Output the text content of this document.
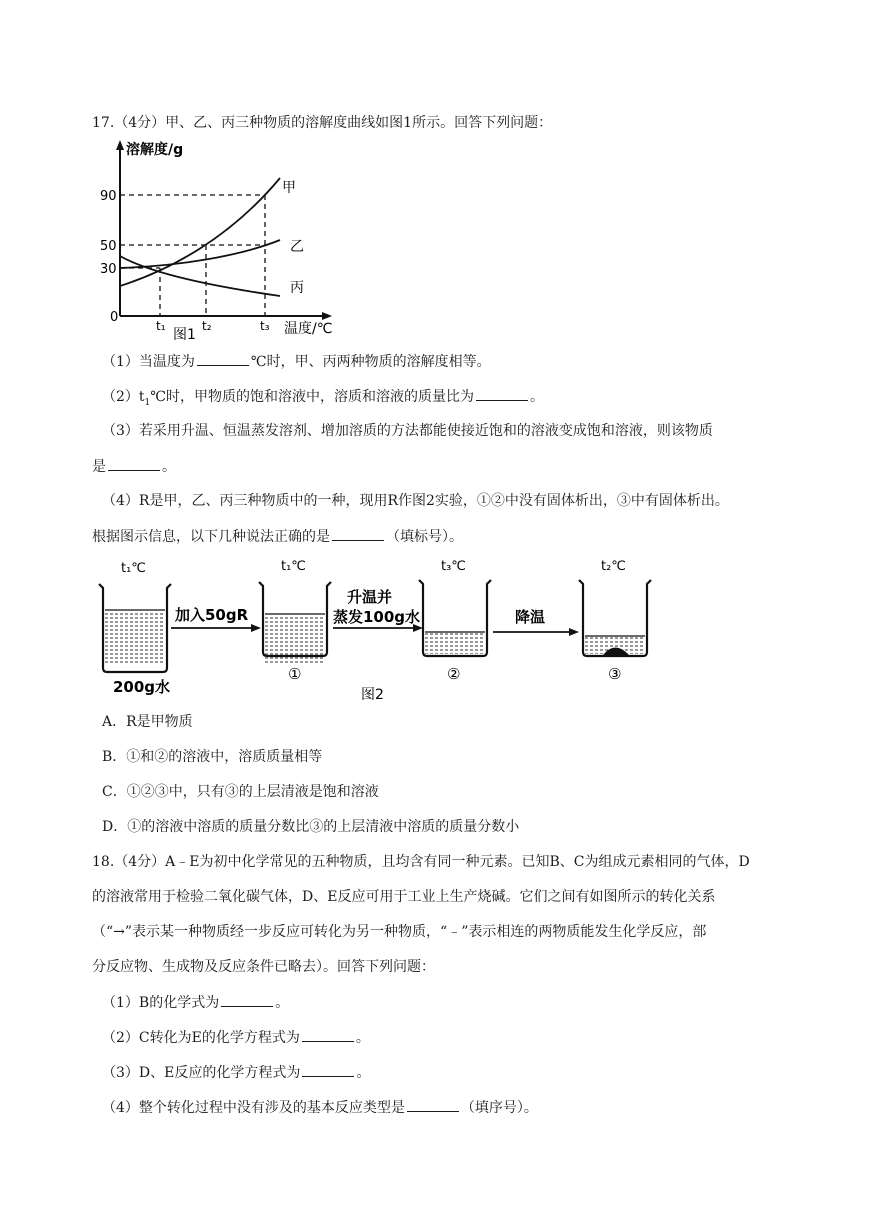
17.（4分）甲、乙、丙三种物质的溶解度曲线如图1所示。回答下列问题：
溶解度/g
90
50
30
0
t₁	t₂	t₃ 温度/℃
图1
甲
乙
丙
（1）当温度为	℃时，甲、丙两种物质的溶解度相等。
$(2)t_1℃$时，甲物质的饱和溶液中，溶质和溶液的质量比为	。
（3）若采用升温、恒温蒸发溶剂、增加溶质的方法都能使接近饱和的溶液变成饱和溶液，则该物质
是	。
（4）R是甲，乙、丙三种物质中的一种，现用R作图2实验，①②中没有固体析出，③中有固体析出。
根据图示信息，以下几种说法正确的是	（填标号）。
t₁℃	t₁℃	t₃℃	t₂℃
加入50gR
升温并
蒸发100g水	降温
200g水
①	②	③
图2
A．R是甲物质
B．①和②的溶液中，溶质质量相等
C．①②③中，只有③的上层清液是饱和溶液
D．①的溶液中溶质的质量分数比③的上层清液中溶质的质量分数小
18.（4分）A﹣E为初中化学常见的五种物质，且均含有同一种元素。已知B、C为组成元素相同的气体，D
的溶液常用于检验二氧化碳气体，D、E反应可用于工业上生产烧碱。它们之间有如图所示的转化关系
（“→”表示某一种物质经一步反应可转化为另一种物质，“﹣”表示相连的两物质能发生化学反应，部
分反应物、生成物及反应条件已略去）。回答下列问题：
（1）B的化学式为	。
（2）C转化为E的化学方程式为	。
（3）D、E反应的化学方程式为	。
（4）整个转化过程中没有涉及的基本反应类型是	（填序号）。
